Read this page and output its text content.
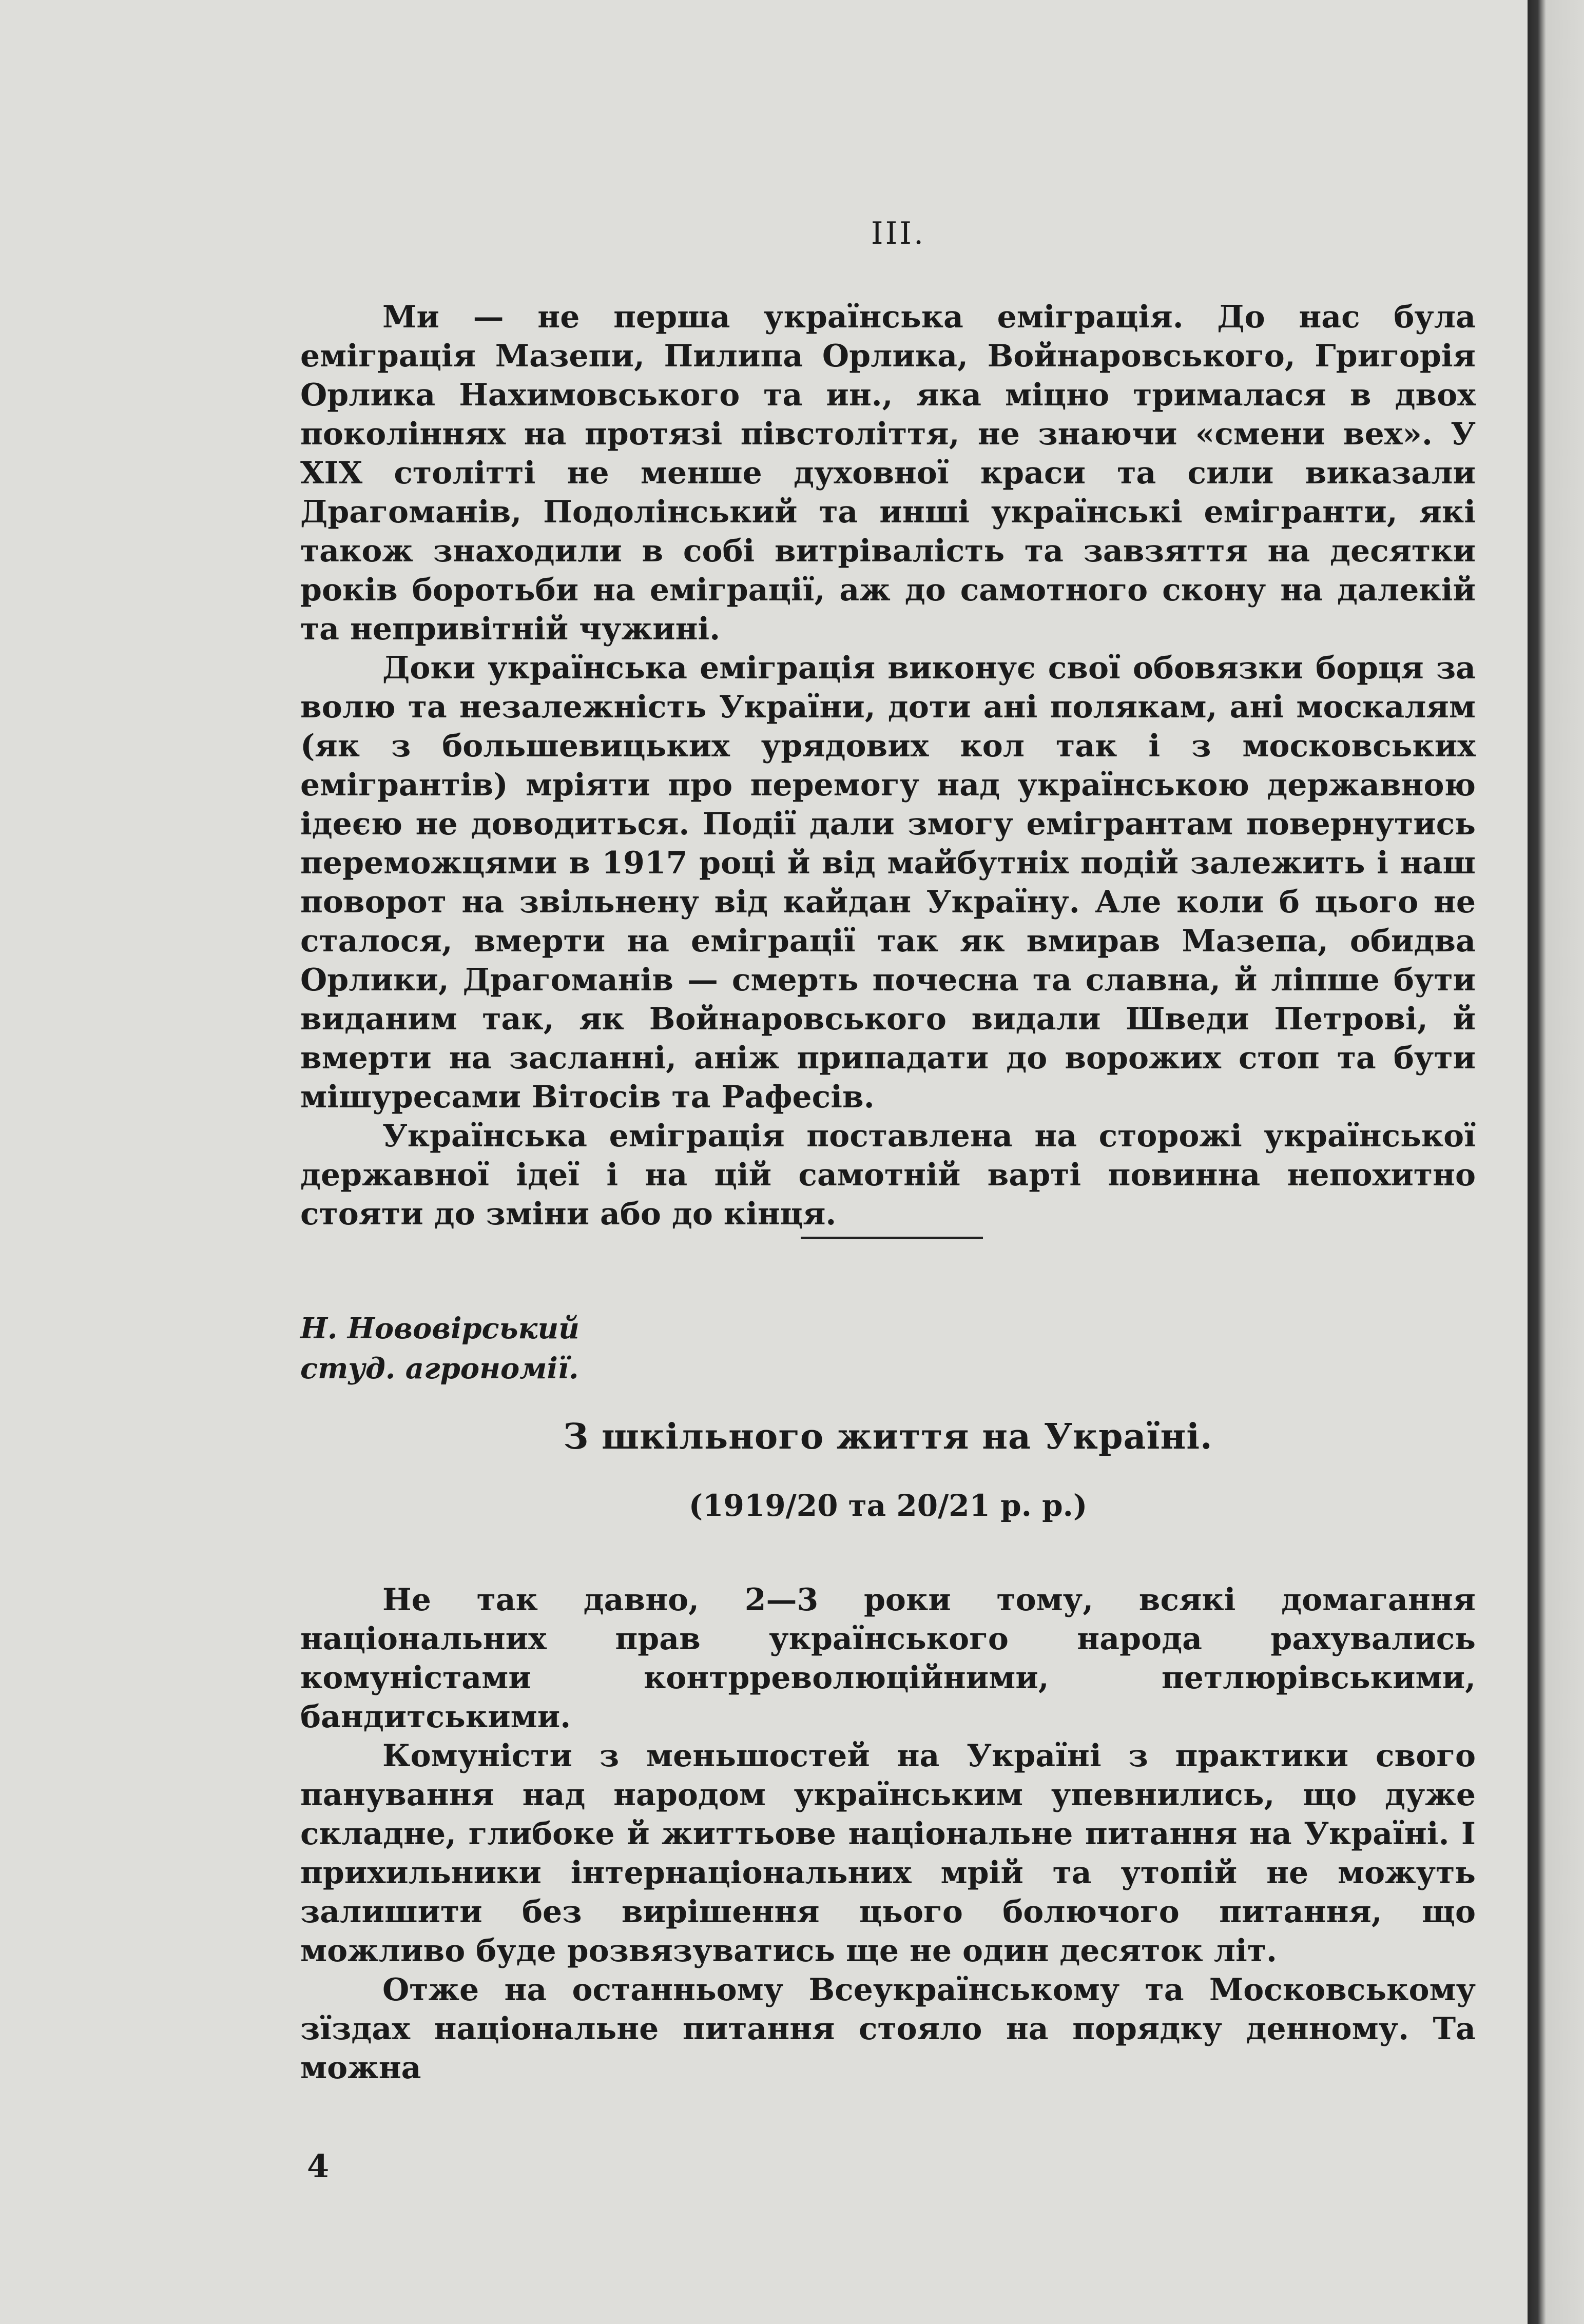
III.

Ми — не перша українська еміграція. До нас була еміграція Мазепи, Пилипа Орлика, Войнаровського, Григорія Орлика Нахимовського та ин., яка міцно трималася в двох поколіннях на протязі півстоліття, не знаючи «смени вех». У XIX столітті не менше духовної краси та сили виказали Драгоманів, Подолінський та инші українські емігранти, які також знаходили в собі витріваліcть та завзяття на десятки років боротьби на еміграції, аж до самотного скону на далекій та непривітній чужині.

Доки українська еміграція виконує свої обовязки борця за волю та незалежність України, доти ані полякам, ані москалям (як з большевицьких урядових кол так і з московських емігрантів) мріяти про перемогу над українською державною ідеєю не доводиться. Події дали змогу емігрантам повернутись переможцями в 1917 році й від майбутніх подій залежить і наш поворот на звільнену від кайдан Україну. Але коли б цього не сталося, вмерти на еміграції так як вмирав Мазепа, обидва Орлики, Драгоманів — смерть почесна та славна, й ліпше бути виданим так, як Войнаровського видали Шведи Петрові, й вмерти на засланні, аніж припадати до ворожих стоп та бути мішуресами Вітосів та Рафесів.

Українська еміграція поставлена на сторожі української державної ідеї і на цій самотній варті повинна непохитно стояти до зміни або до кінця.

Н. Нововірський
студ. агрономії.
З шкільного життя на Україні.
(1919/20 та 20/21 р. р.)

Не так давно, 2—3 роки тому, всякі домагання національних прав українського народа рахувались комуністами контрреволюційними, петлюрівськими, бандитськими.

Комуністи з меньшостей на Україні з практики свого панування над народом українським упевнились, що дуже складне, глибоке й життьове національне питання на Україні. І прихильники інтернаціональних мрій та утопій не можуть залишити без вирішення цього болючого питання, що можливо буде розвязуватись ще не один десяток літ.

Отже на останньому Всеукраїнському та Московському зїздах національне питання стояло на порядку денному. Та можна

4
